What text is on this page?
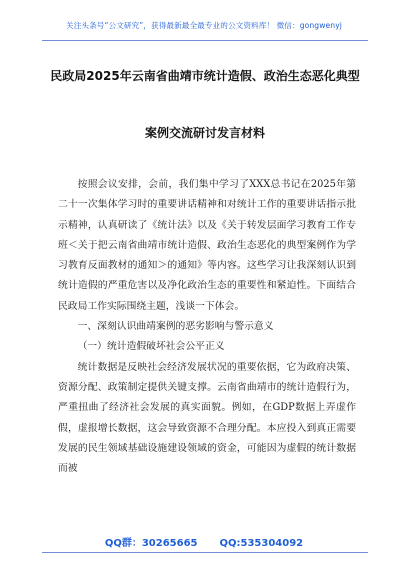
关注头条号“公文研究”，获得最新最全最专业的公文资料库！ 微信：gongwenyj
民政局2025年云南省曲靖市统计造假、政治生态恶化典型
案例交流研讨发言材料

按照会议安排，会前，我们集中学习了XXX总书记在2025年第二十一次集体学习时的重要讲话精神和对统计工作的重要讲话指示批示精神，认真研读了《统计法》以及《关于转发层面学习教育工作专班＜关于把云南省曲靖市统计造假、政治生态恶化的典型案例作为学习教育反面教材的通知＞的通知》等内容。这些学习让我深刻认识到统计造假的严重危害以及净化政治生态的重要性和紧迫性。下面结合民政局工作实际围绕主题，浅谈一下体会。

一、深刻认识曲靖案例的恶劣影响与警示意义

（一）统计造假破坏社会公平正义

统计数据是反映社会经济发展状况的重要依据，它为政府决策、资源分配、政策制定提供关键支撑。云南省曲靖市的统计造假行为，严重扭曲了经济社会发展的真实面貌。例如，在GDP数据上弄虚作假，虚报增长数据，这会导致资源不合理分配。本应投入到真正需要发展的民生领域基础设施建设领域的资金，可能因为虚假的统计数据而被

QQ群：30265665 QQ:535304092
